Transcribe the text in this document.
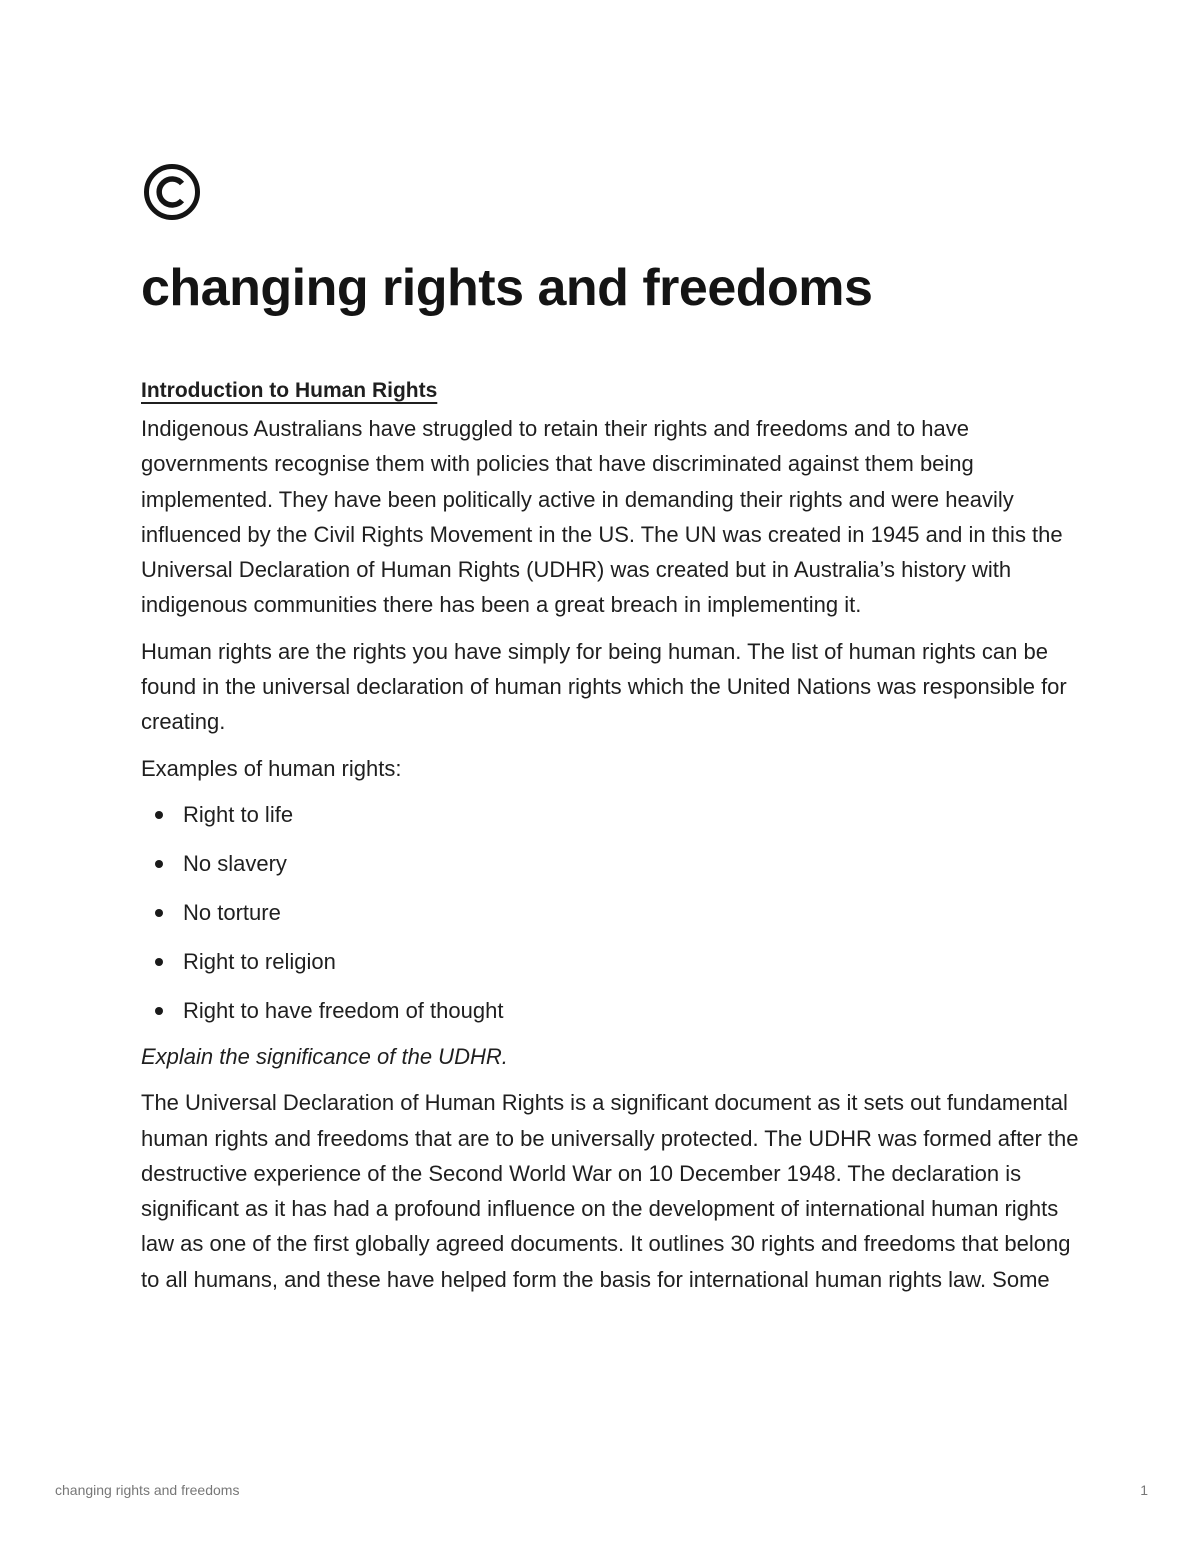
changing rights and freedoms
Introduction to Human Rights

Indigenous Australians have struggled to retain their rights and freedoms and to have governments recognise them with policies that have discriminated against them being implemented. They have been politically active in demanding their rights and were heavily influenced by the Civil Rights Movement in the US. The UN was created in 1945 and in this the Universal Declaration of Human Rights (UDHR) was created but in Australia’s history with indigenous communities there has been a great breach in implementing it.

Human rights are the rights you have simply for being human. The list of human rights can be found in the universal declaration of human rights which the United Nations was responsible for creating.

Examples of human rights:

Right to life
No slavery
No torture
Right to religion
Right to have freedom of thought

Explain the significance of the UDHR.

The Universal Declaration of Human Rights is a significant document as it sets out fundamental human rights and freedoms that are to be universally protected. The UDHR was formed after the destructive experience of the Second World War on 10 December 1948. The declaration is significant as it has had a profound influence on the development of international human rights law as one of the first globally agreed documents. It outlines 30 rights and freedoms that belong to all humans, and these have helped form the basis for international human rights law. Some

changing rights and freedoms	1
